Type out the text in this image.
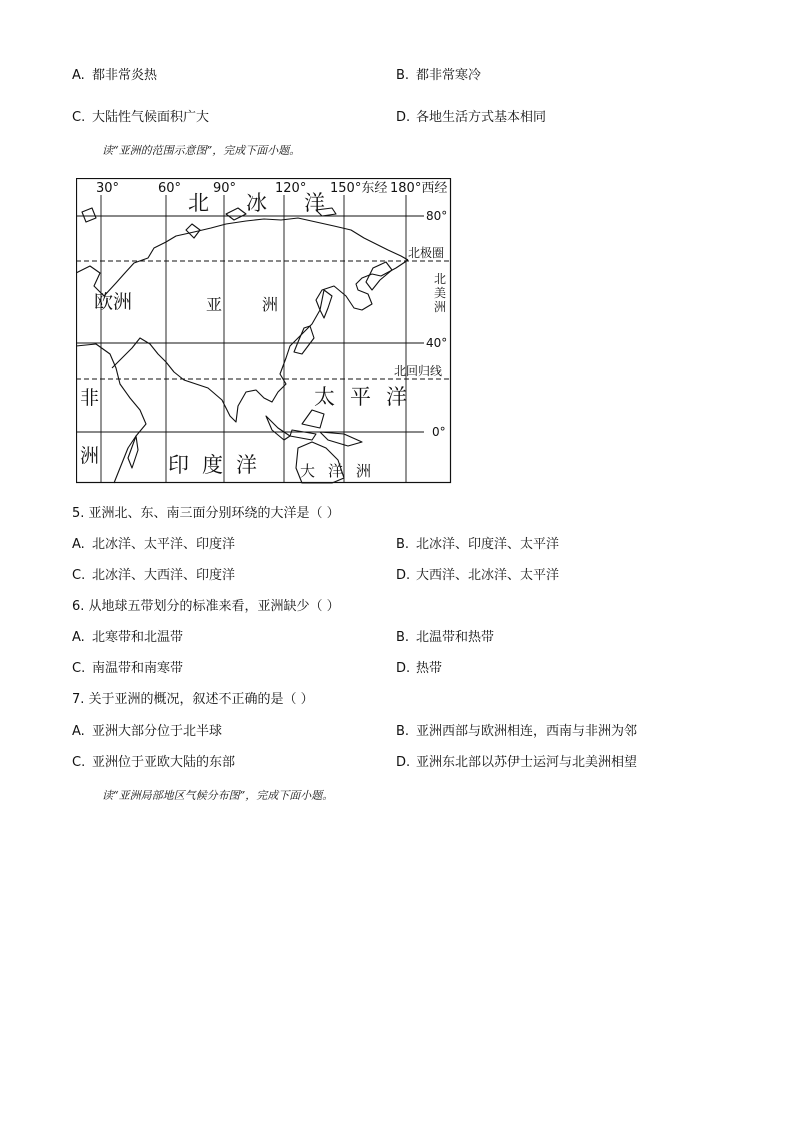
A. 都非常炎热	B. 都非常寒冷
C. 大陆性气候面积广大	D. 各地生活方式基本相同
读“亚洲的范围示意图”，完成下面小题。
30°	60° 90°	120° 150°东经 180°西经
80°
40°
0°
北极圈
北回归线
北 冰 洋
欧洲	亚 洲
北
美
洲
非
洲
太 平 洋
印 度 洋	大 洋 洲
5. 亚洲北、东、南三面分别环绕的大洋是（ ）
A. 北冰洋、太平洋、印度洋	B. 北冰洋、印度洋、太平洋
C. 北冰洋、大西洋、印度洋	D. 大西洋、北冰洋、太平洋
6. 从地球五带划分的标准来看，亚洲缺少（ ）
A. 北寒带和北温带	B. 北温带和热带
C. 南温带和南寒带	D. 热带
7. 关于亚洲的概况，叙述不正确的是（ ）
A. 亚洲大部分位于北半球	B. 亚洲西部与欧洲相连，西南与非洲为邻
C. 亚洲位于亚欧大陆的东部	D. 亚洲东北部以苏伊士运河与北美洲相望
读“亚洲局部地区气候分布图”，完成下面小题。
